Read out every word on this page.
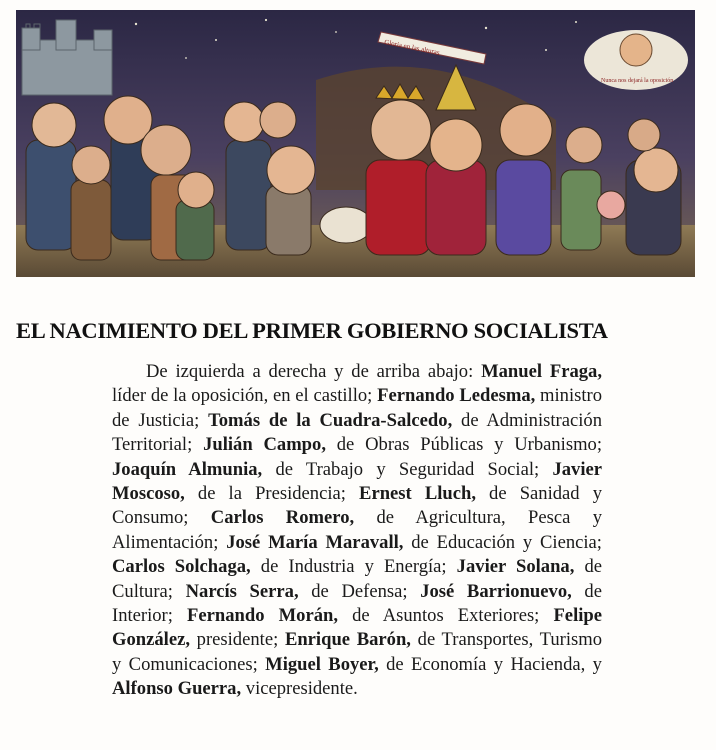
Gloria en las alturas
Nunca nos dejará la oposición
EL NACIMIENTO DEL PRIMER GOBIERNO SOCIALISTA

De izquierda a derecha y de arriba abajo: Manuel Fraga, líder de la oposición, en el castillo; Fernando Ledesma, ministro de Justicia; Tomás de la Cuadra-Salcedo, de Administración Territorial; Julián Campo, de Obras Públicas y Urbanismo; Joaquín Almunia, de Trabajo y Seguridad Social; Javier Moscoso, de la Presidencia; Ernest Lluch, de Sanidad y Consumo; Carlos Romero, de Agricultura, Pesca y Alimentación; José María Maravall, de Educación y Ciencia; Carlos Solchaga, de Industria y Energía; Javier Solana, de Cultura; Narcís Serra, de Defensa; José Barrionuevo, de Interior; Fernando Morán, de Asuntos Exteriores; Felipe González, presidente; Enrique Barón, de Transportes, Turismo y Comunicaciones; Miguel Boyer, de Economía y Hacienda, y Alfonso Guerra, vicepresidente.
